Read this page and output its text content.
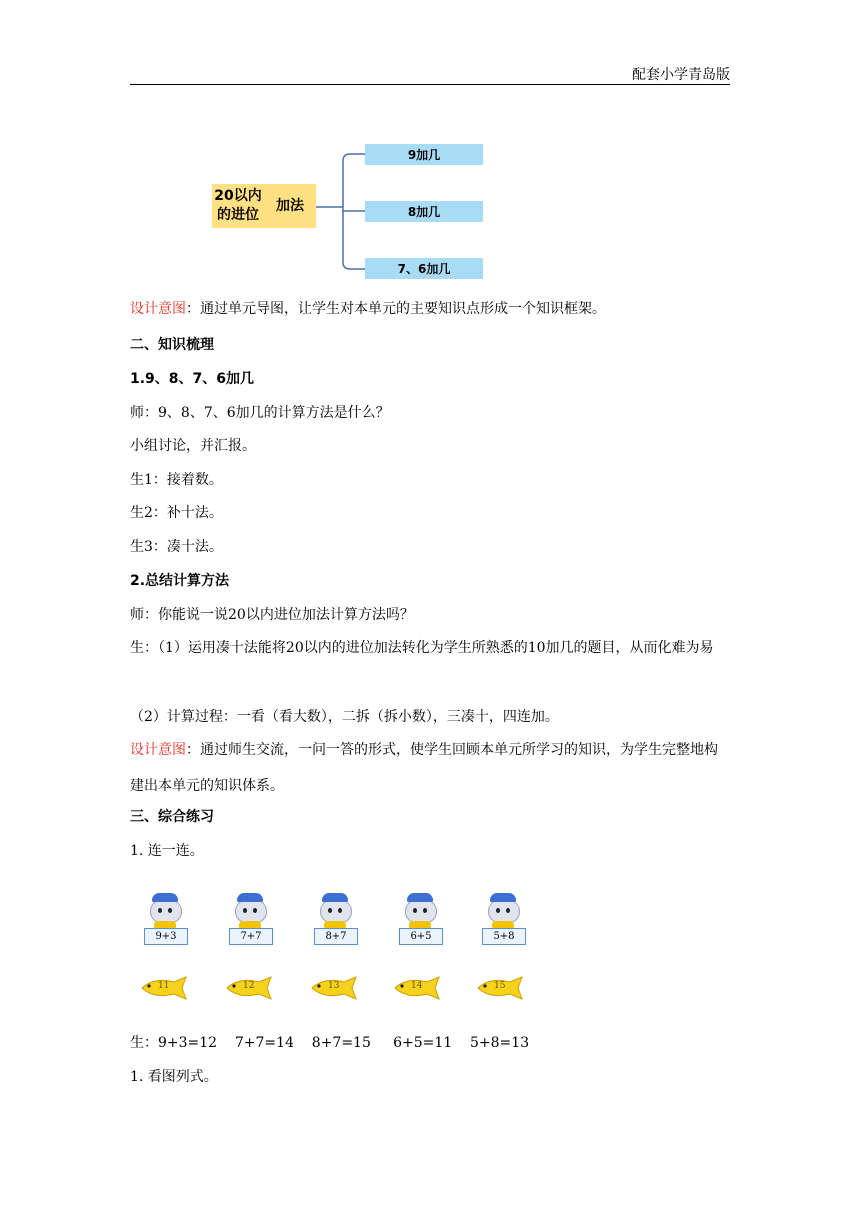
配套小学青岛版
20以内的进位
加法
9加几
8加几
7、6加几
设计意图：通过单元导图，让学生对本单元的主要知识点形成一个知识框架。
二、知识梳理
1.9、8、7、6加几
师：9、8、7、6加几的计算方法是什么？
小组讨论，并汇报。
生1：接着数。
生2：补十法。
生3：凑十法。
2.总结计算方法
师：你能说一说20以内进位加法计算方法吗？
生：（1）运用凑十法能将20以内的进位加法转化为学生所熟悉的10加几的题目，从而化难为易
（2）计算过程：一看（看大数），二拆（拆小数），三凑十，四连加。
设计意图：通过师生交流，一问一答的形式，使学生回顾本单元所学习的知识，为学生完整地构建出本单元的知识体系。
三、综合练习
1. 连一连。
9+3	7+7	8+7	6+5	5+8
11	12	13	14	15
生：9+3=12    7+7=14    8+7=15     6+5=11    5+8=13
1. 看图列式。
